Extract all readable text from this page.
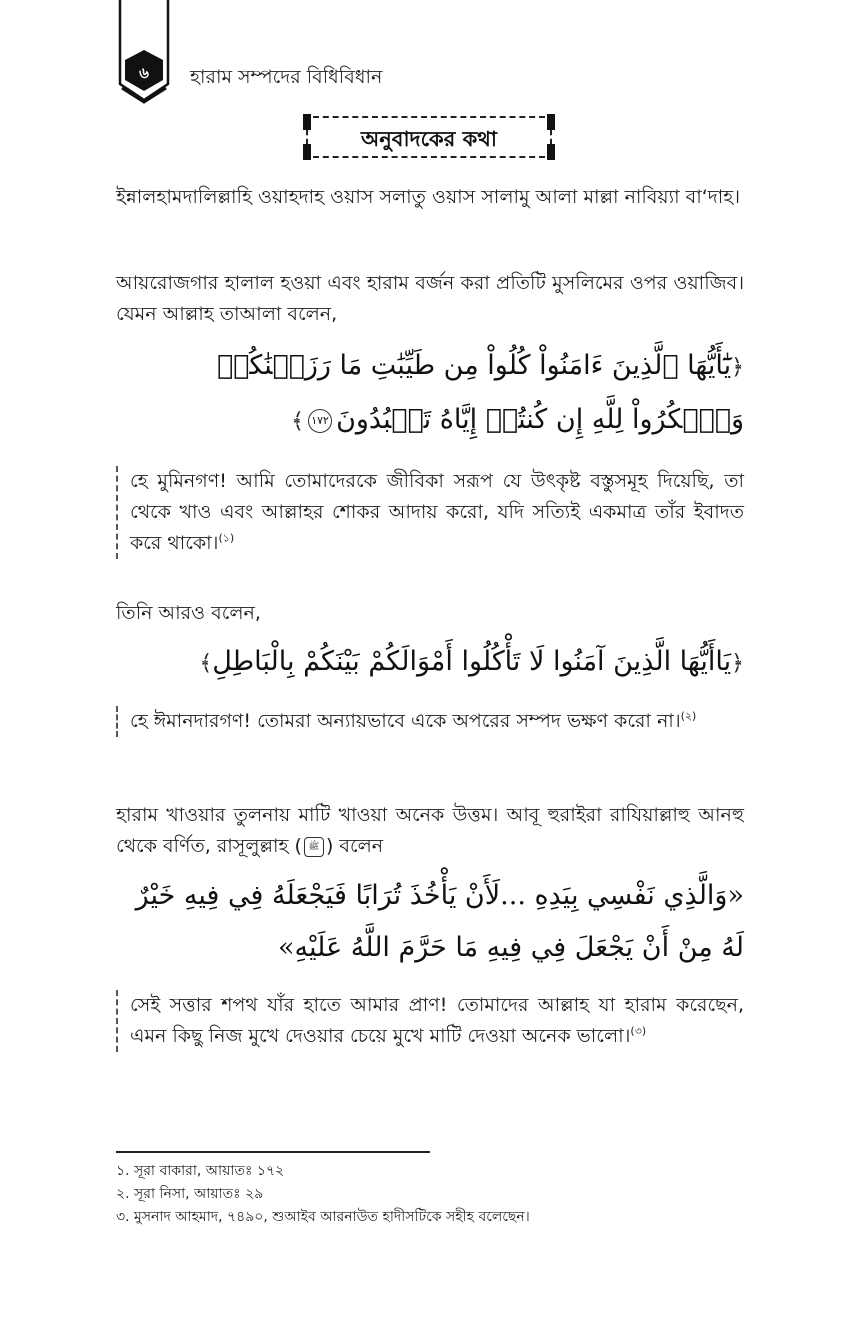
৬	হারাম সম্পদের বিধিবিধান
অনুবাদকের কথা
ইন্নালহামদালিল্লাহি ওয়াহদাহ ওয়াস সলাতু ওয়াস সালামু আলা মাল্লা নাবিয়্যা বা‘দাহ।
আয়রোজগার হালাল হওয়া এবং হারাম বর্জন করা প্রতিটি মুসলিমের ওপর ওয়াজিব। যেমন আল্লাহ তাআলা বলেন,
﴿يَٰٓأَيُّهَا ٱلَّذِينَ ءَامَنُواْ كُلُواْ مِن طَيِّبَٰتِ مَا رَزَقۡنَٰكُمۡ وَٱشۡكُرُواْ لِلَّهِ إِن كُنتُمۡ إِيَّاهُ تَعۡبُدُونَ١٧٢﴾
হে মুমিনগণ! আমি তোমাদেরকে জীবিকা সরূপ যে উৎকৃষ্ট বস্তুসমূহ দিয়েছি, তা থেকে খাও এবং আল্লাহর শোকর আদায় করো, যদি সত্যিই একমাত্র তাঁর ইবাদত করে থাকো।$^{(১)}$
তিনি আরও বলেন,
﴿يَاأَيُّهَا الَّذِينَ آمَنُوا لَا تَأْكُلُوا أَمْوَالَكُمْ بَيْنَكُمْ بِالْبَاطِلِ﴾
হে ঈমানদারগণ! তোমরা অন্যায়ভাবে একে অপরের সম্পদ ভক্ষণ করো না।$^{(২)}$
হারাম খাওয়ার তুলনায় মাটি খাওয়া অনেক উত্তম। আবূ হুরাইরা রাযিয়াল্লাহু আনহু থেকে বর্ণিত, রাসূলুল্লাহ ( ﷺ ) বলেন
«وَالَّذِي نَفْسِي بِيَدِهِ ...لَأَنْ يَأْخُذَ تُرَابًا فَيَجْعَلَهُ فِي فِيهِ خَيْرٌ لَهُ مِنْ أَنْ يَجْعَلَ فِي فِيهِ مَا حَرَّمَ اللَّهُ عَلَيْهِ»
সেই সত্তার শপথ যাঁর হাতে আমার প্রাণ! তোমাদের আল্লাহ যা হারাম করেছেন, এমন কিছু নিজ মুখে দেওয়ার চেয়ে মুখে মাটি দেওয়া অনেক ভালো।$^{(৩)}$
১. সূরা বাকারা, আয়াতঃ ১৭২
২. সূরা নিসা, আয়াতঃ ২৯
৩. মুসনাদ আহমাদ, ৭৪৯০, শুআইব আরনাউত হাদীসটিকে সহীহ বলেছেন।
